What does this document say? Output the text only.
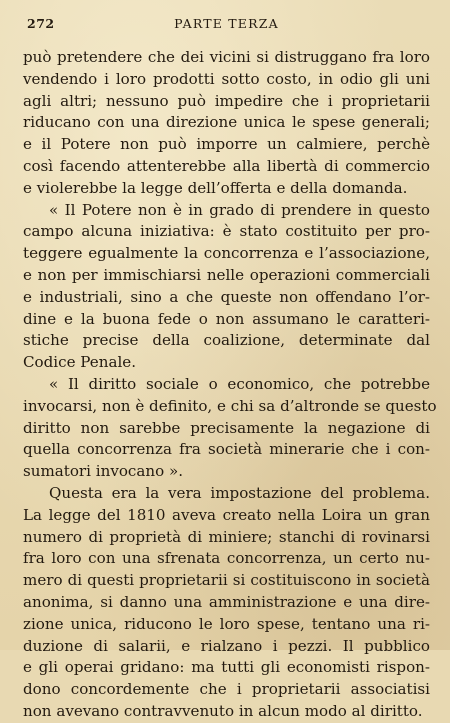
272	PARTE TERZA
può pretendere che dei vicini si distruggano fra loro
vendendo i loro prodotti sotto costo, in odio gli uni
agli altri; nessuno può impedire che i proprietarii
riducano con una direzione unica le spese generali;
e il Potere non può imporre un calmiere, perchè
così facendo attenterebbe alla libertà di commercio
e violerebbe la legge dell’offerta e della domanda.
« Il Potere non è in grado di prendere in questo
campo alcuna iniziativa: è stato costituito per pro-
teggere egualmente la concorrenza e l’associazione,
e non per immischiarsi nelle operazioni commerciali
e industriali, sino a che queste non offendano l’or-
dine e la buona fede o non assumano le caratteri-
stiche precise della coalizione, determinate dal
Codice Penale.
« Il diritto sociale o economico, che potrebbe
invocarsi, non è definito, e chi sa d’altronde se questo
diritto non sarebbe precisamente la negazione di
quella concorrenza fra società minerarie che i con-
sumatori invocano ».
Questa era la vera impostazione del problema.
La legge del 1810 aveva creato nella Loira un gran
numero di proprietà di miniere; stanchi di rovinarsi
fra loro con una sfrenata concorrenza, un certo nu-
mero di questi proprietarii si costituiscono in società
anonima, si danno una amministrazione e una dire-
zione unica, riducono le loro spese, tentano una ri-
duzione di salarii, e rialzano i pezzi. Il pubblico
e gli operai gridano: ma tutti gli economisti rispon-
dono concordemente che i proprietarii associatisi
non avevano contravvenuto in alcun modo al diritto.
